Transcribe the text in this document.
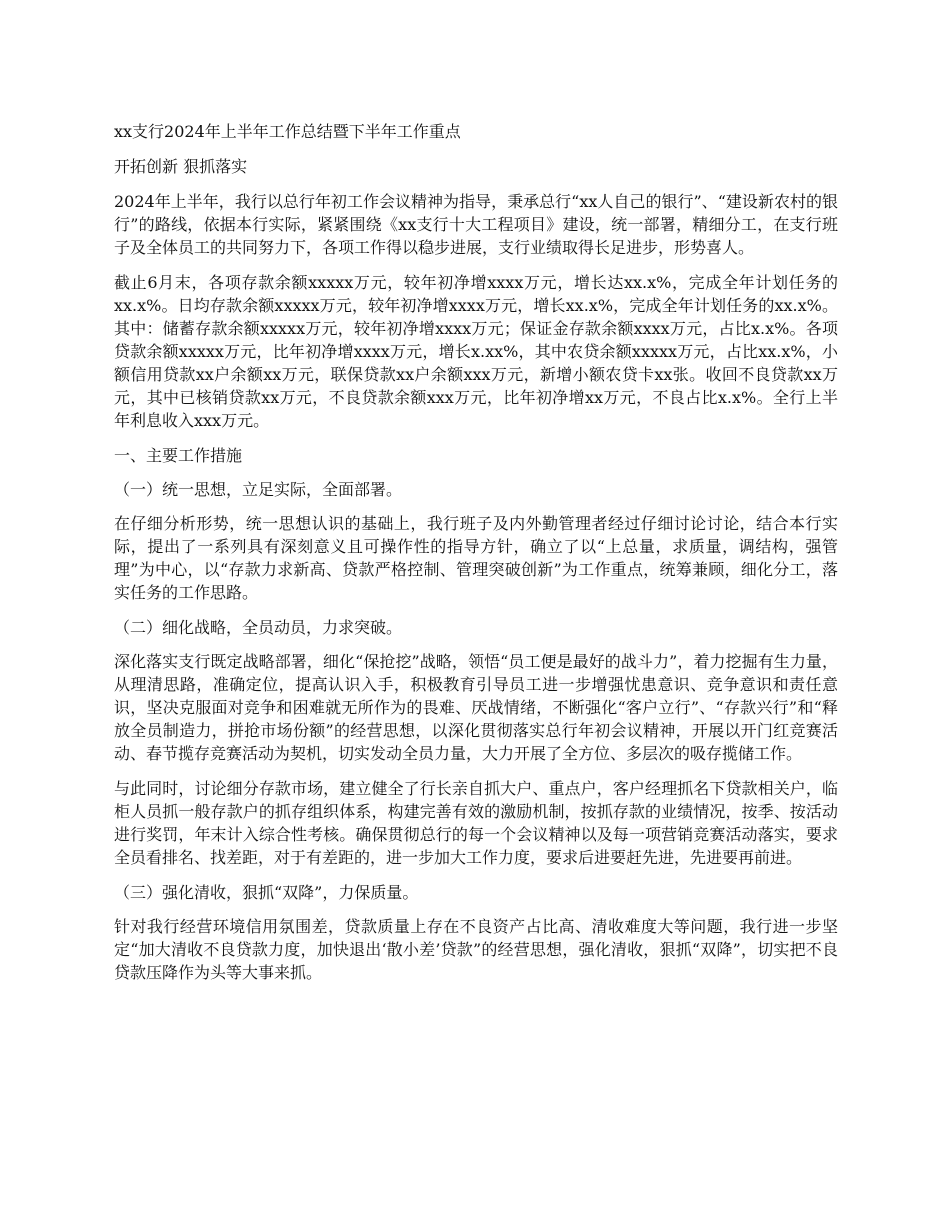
xx支行2024年上半年工作总结暨下半年工作重点

开拓创新 狠抓落实

2024年上半年，我行以总行年初工作会议精神为指导，秉承总行“xx人自己的银行”、“建设新农村的银行”的路线，依据本行实际，紧紧围绕《xx支行十大工程项目》建设，统一部署，精细分工，在支行班子及全体员工的共同努力下，各项工作得以稳步进展，支行业绩取得长足进步，形势喜人。

截止6月末，各项存款余额xxxxx万元，较年初净增xxxx万元，增长达xx.x%，完成全年计划任务的xx.x%。日均存款余额xxxxx万元，较年初净增xxxx万元，增长xx.x%，完成全年计划任务的xx.x%。其中：储蓄存款余额xxxxx万元，较年初净增xxxx万元；保证金存款余额xxxx万元，占比x.x%。各项贷款余额xxxxx万元，比年初净增xxxx万元，增长x.xx%，其中农贷余额xxxxx万元，占比xx.x%，小额信用贷款xx户余额xx万元，联保贷款xx户余额xxx万元，新增小额农贷卡xx张。收回不良贷款xx万元，其中已核销贷款xx万元，不良贷款余额xxx万元，比年初净增xx万元，不良占比x.x%。全行上半年利息收入xxx万元。

一、主要工作措施

（一）统一思想，立足实际，全面部署。

在仔细分析形势，统一思想认识的基础上，我行班子及内外勤管理者经过仔细讨论讨论，结合本行实际，提出了一系列具有深刻意义且可操作性的指导方针，确立了以“上总量，求质量，调结构，强管理”为中心，以“存款力求新高、贷款严格控制、管理突破创新”为工作重点，统筹兼顾，细化分工，落实任务的工作思路。

（二）细化战略，全员动员，力求突破。

深化落实支行既定战略部署，细化“保抢挖”战略，领悟“员工便是最好的战斗力”，着力挖掘有生力量，从理清思路，准确定位，提高认识入手，积极教育引导员工进一步增强忧患意识、竞争意识和责任意识，坚决克服面对竞争和困难就无所作为的畏难、厌战情绪，不断强化“客户立行”、“存款兴行”和“释放全员制造力，拼抢市场份额”的经营思想，以深化贯彻落实总行年初会议精神，开展以开门红竞赛活动、春节揽存竞赛活动为契机，切实发动全员力量，大力开展了全方位、多层次的吸存揽储工作。

与此同时，讨论细分存款市场，建立健全了行长亲自抓大户、重点户，客户经理抓名下贷款相关户，临柜人员抓一般存款户的抓存组织体系，构建完善有效的激励机制，按抓存款的业绩情况，按季、按活动进行奖罚，年末计入综合性考核。确保贯彻总行的每一个会议精神以及每一项营销竞赛活动落实，要求全员看排名、找差距，对于有差距的，进一步加大工作力度，要求后进要赶先进，先进要再前进。

（三）强化清收，狠抓“双降”，力保质量。

针对我行经营环境信用氛围差，贷款质量上存在不良资产占比高、清收难度大等问题，我行进一步坚定“加大清收不良贷款力度，加快退出‘散小差’贷款”的经营思想，强化清收，狠抓“双降”，切实把不良贷款压降作为头等大事来抓。
